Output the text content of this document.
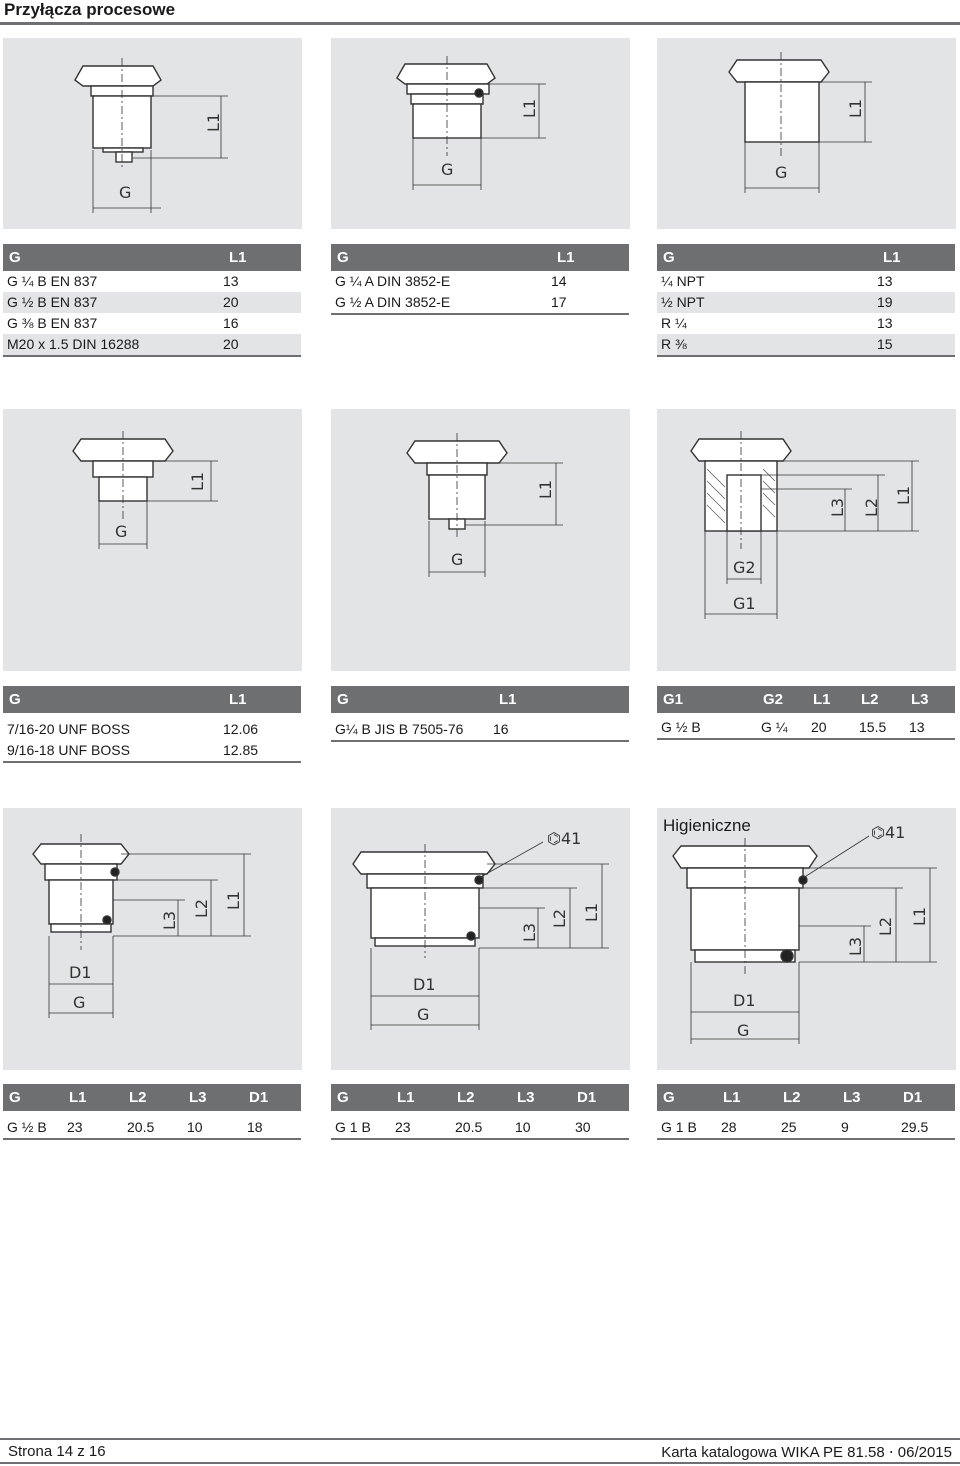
Przyłącza procesowe
L1
G
L1
G
L1
G
G	L1
G ¼ B EN 837	13
G ½ B EN 837	20
G ⅜ B EN 837	16
M20 x 1.5 DIN 16288	20
G	L1
G ¼ A DIN 3852-E	14
G ½ A DIN 3852-E	17
G	L1
¼ NPT	13
½ NPT	19
R ¼	13
R ⅜	15
L1
G
L1
G
L3 L2
L1
G2
G1
G	L1
7/16-20 UNF BOSS	12.06
9/16-18 UNF BOSS	12.85
G	L1
G¼ B JIS B 7505-76	16
G1	G2	L1	L2	L3
G ½ B	G ¼	20	15.5	13
L3
L2 L1
D1
G
⌬41
L3
L2 L1
D1
G
Higieniczne	⌬41
L3
L2
L1
D1
G
G	L1	L2	L3	D1
G ½ B	23	20.5	10	18
G	L1	L2	L3	D1
G 1 B	23	20.5	10	30
G	L1	L2	L3	D1
G 1 B	28	25	9	29.5
Strona 14 z 16	Karta katalogowa WIKA PE 81.58 ⋅ 06/2015
